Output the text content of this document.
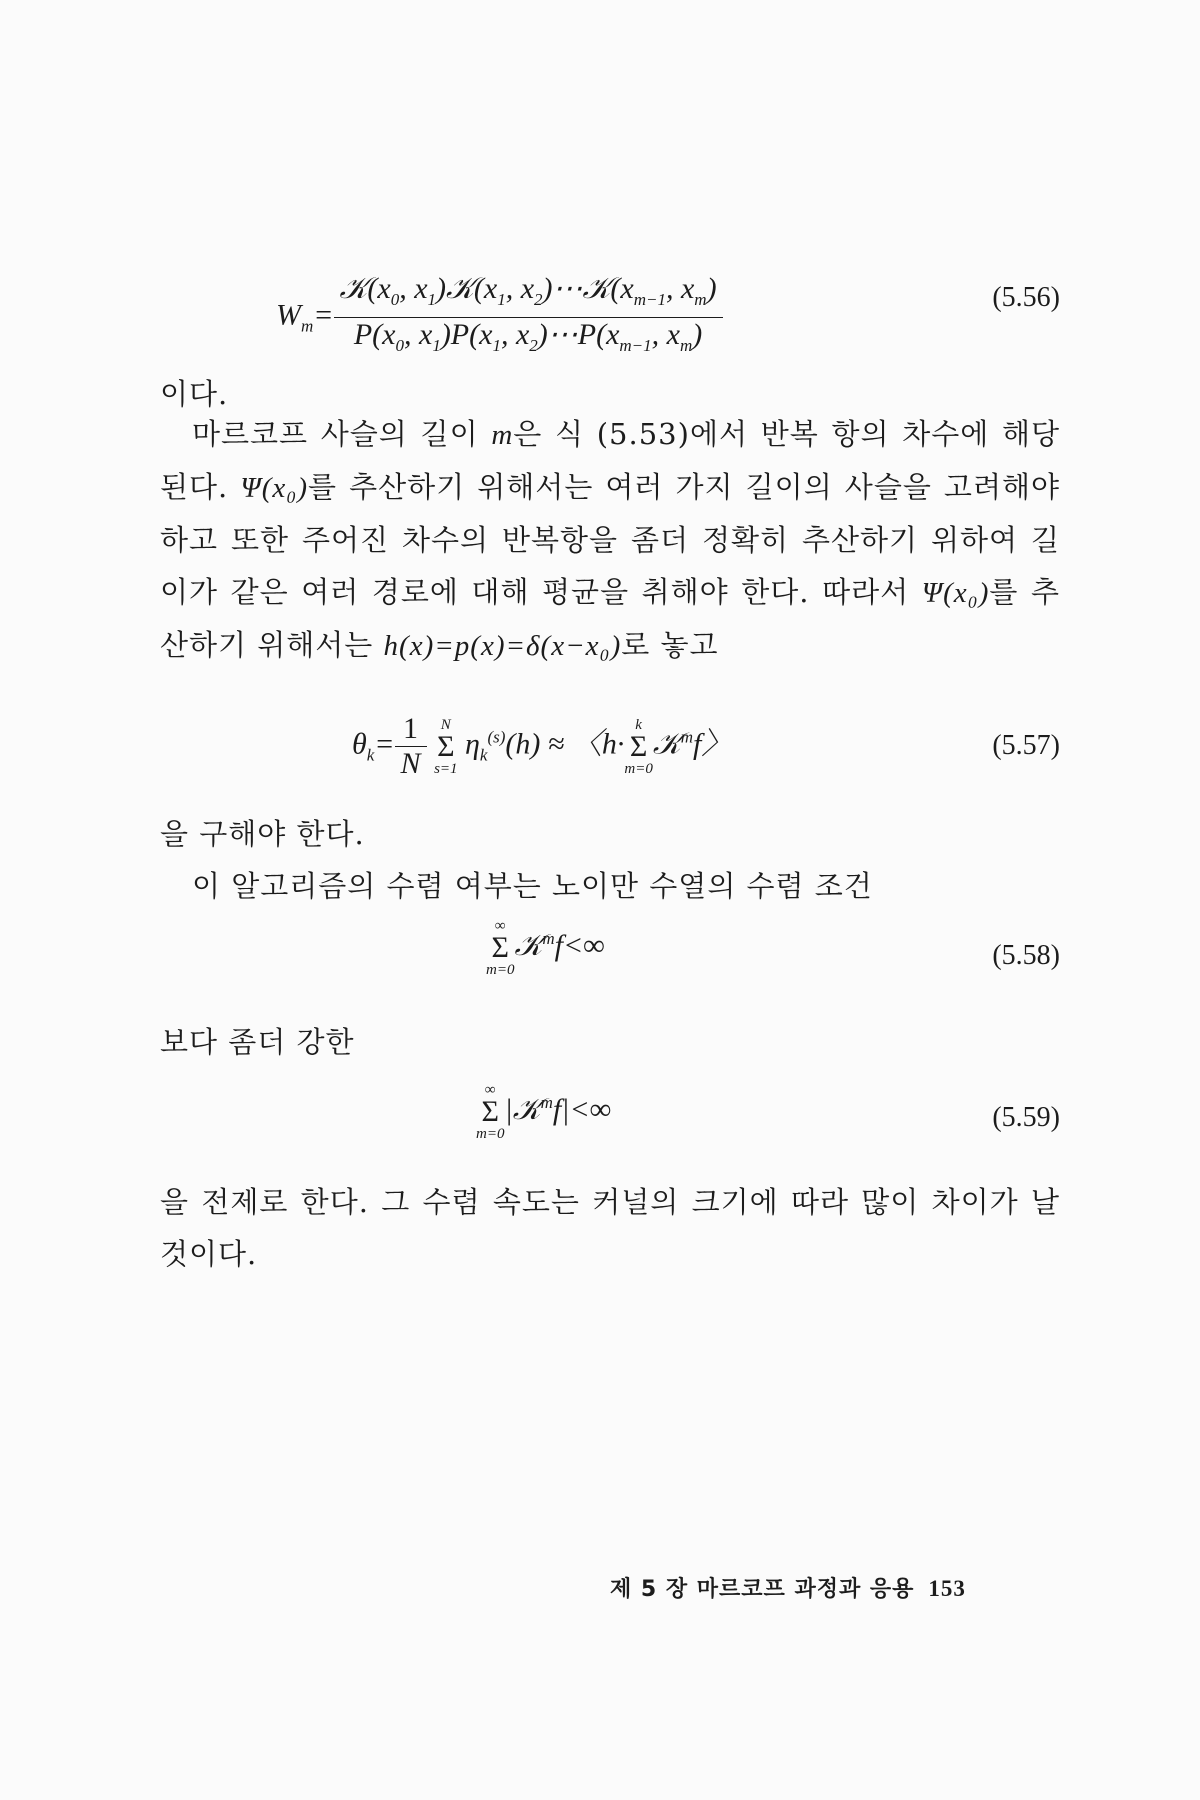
$W_m= \frac{𝒦(x_0, x_1)𝒦(x_1, x_2)\cdots 𝒦(x_{m-1}, x_m)}{P(x_0, x_1)P(x_1, x_2)\cdots P(x_{m-1}, x_m)}$	(5.56)
이다.
마르코프 사슬의 길이 m은 식 (5.53)에서 반복 항의 차수에 해당된다. Ψ(x₀)를 추산하기 위해서는 여러 가지 길이의 사슬을 고려해야 하고 또한 주어진 차수의 반복항을 좀더 정확히 추산하기 위하여 길이가 같은 여러 경로에 대해 평균을 취해야 한다. 따라서 Ψ(x₀)를 추산하기 위해서는 h(x)=p(x)=δ(x−x₀)로 놓고
$\theta_k= \frac{1}{N}$
N
Σ
s=1
$\eta_k^{(s)}(h)$ ≈ 〈h·
k
Σ
m=0
𝒦$^m$f〉	(5.57)
을 구해야 한다.
이 알고리즘의 수렴 여부는 노이만 수열의 수렴 조건
∞
Σ
m=0
𝒦$^m$f<∞	(5.58)
보다 좀더 강한
∞
Σ
m=0
|𝒦$^m$f|<∞	(5.59)
을 전제로 한다. 그 수렴 속도는 커널의 크기에 따라 많이 차이가 날 것이다.
제 5 장 마르코프 과정과 응용 153
